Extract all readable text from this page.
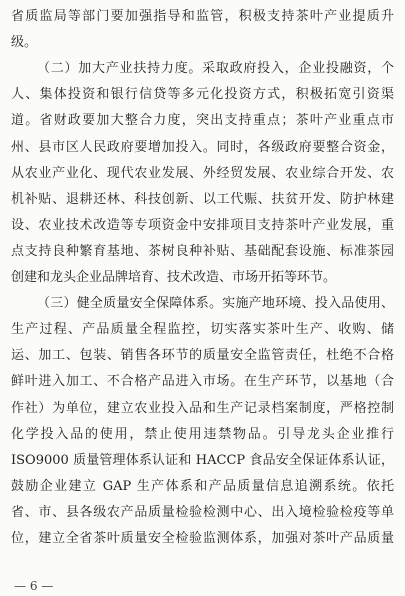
省质监局等部门要加强指导和监管，积极支持茶叶产业提质升
级。
（二）加大产业扶持力度。采取政府投入，企业投融资，个
人、集体投资和银行信贷等多元化投资方式，积极拓宽引资渠
道。省财政要加大整合力度，突出支持重点；茶叶产业重点市
州、县市区人民政府要增加投入。同时，各级政府要整合资金，
从农业产业化、现代农业发展、外经贸发展、农业综合开发、农
机补贴、退耕还林、科技创新、以工代赈、扶贫开发、防护林建
设、农业技术改造等专项资金中安排项目支持茶叶产业发展，重
点支持良种繁育基地、茶树良种补贴、基础配套设施、标准茶园
创建和龙头企业品牌培育、技术改造、市场开拓等环节。
（三）健全质量安全保障体系。实施产地环境、投入品使用、
生产过程、产品质量全程监控，切实落实茶叶生产、收购、储
运、加工、包装、销售各环节的质量安全监管责任，杜绝不合格
鲜叶进入加工、不合格产品进入市场。在生产环节，以基地（合
作社）为单位，建立农业投入品和生产记录档案制度，严格控制
化学投入品的使用，禁止使用违禁物品。引导龙头企业推行
ISO9000 质量管理体系认证和 HACCP 食品安全保证体系认证，
鼓励企业建立 GAP 生产体系和产品质量信息追溯系统。依托
省、市、县各级农产品质量检验检测中心、出入境检验检疫等单
位，建立全省茶叶质量安全检验监测体系，加强对茶叶产品质量
— 6 —
